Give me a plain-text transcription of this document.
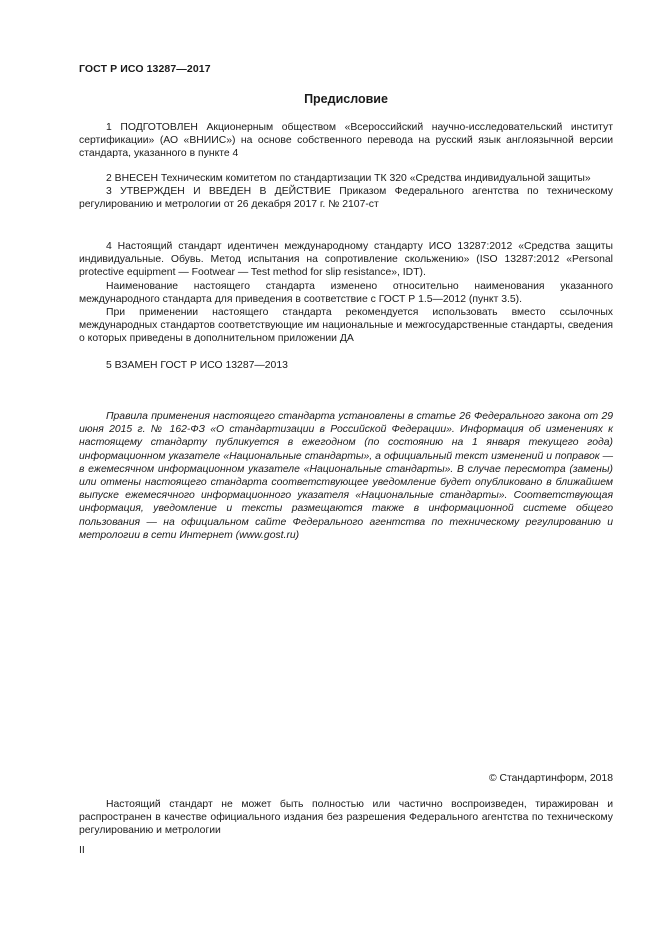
ГОСТ Р ИСО 13287—2017
Предисловие

1 ПОДГОТОВЛЕН Акционерным обществом «Всероссийский научно-исследовательский институт сертификации» (АО «ВНИИС») на основе собственного перевода на русский язык англоязычной версии стандарта, указанного в пункте 4

2 ВНЕСЕН Техническим комитетом по стандартизации ТК 320 «Средства индивидуальной защиты»

3 УТВЕРЖДЕН И ВВЕДЕН В ДЕЙСТВИЕ Приказом Федерального агентства по техническому регулированию и метрологии от 26 декабря 2017 г. № 2107-ст

4 Настоящий стандарт идентичен международному стандарту ИСО 13287:2012 «Средства защиты индивидуальные. Обувь. Метод испытания на сопротивление скольжению» (ISO 13287:2012 «Personal protective equipment — Footwear — Test method for slip resistance», IDT).

Наименование настоящего стандарта изменено относительно наименования указанного международного стандарта для приведения в соответствие с ГОСТ Р 1.5—2012 (пункт 3.5).

При применении настоящего стандарта рекомендуется использовать вместо ссылочных международных стандартов соответствующие им национальные и межгосударственные стандарты, сведения о которых приведены в дополнительном приложении ДА

5 ВЗАМЕН ГОСТ Р ИСО 13287—2013

Правила применения настоящего стандарта установлены в статье 26 Федерального закона от 29 июня 2015 г. № 162-ФЗ «О стандартизации в Российской Федерации». Информация об изменениях к настоящему стандарту публикуется в ежегодном (по состоянию на 1 января текущего года) информационном указателе «Национальные стандарты», а официальный текст изменений и поправок — в ежемесячном информационном указателе «Национальные стандарты». В случае пересмотра (замены) или отмены настоящего стандарта соответствующее уведомление будет опубликовано в ближайшем выпуске ежемесячного информационного указателя «Национальные стандарты». Соответствующая информация, уведомление и тексты размещаются также в информационной системе общего пользования — на официальном сайте Федерального агентства по техническому регулированию и метрологии в сети Интернет (www.gost.ru)

© Стандартинформ, 2018

Настоящий стандарт не может быть полностью или частично воспроизведен, тиражирован и распространен в качестве официального издания без разрешения Федерального агентства по техническому регулированию и метрологии

II
